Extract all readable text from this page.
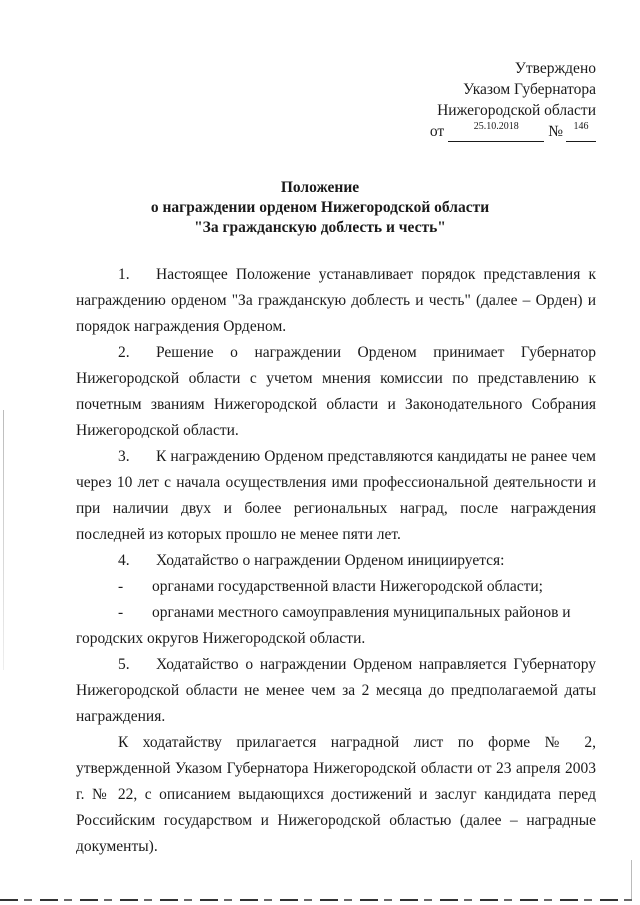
Утверждено
Указом Губернатора
Нижегородской области
от	25.10.2018	№	146
Положение
о награждении орденом Нижегородской области
"За гражданскую доблесть и честь"

1. Настоящее Положение устанавливает порядок представления к награждению орденом "За гражданскую доблесть и честь" (далее – Орден) и порядок награждения Орденом.

2. Решение о награждении Орденом принимает Губернатор Нижегородской области с учетом мнения комиссии по представлению к почетным званиям Нижегородской области и Законодательного Собрания Нижегородской области.

3. К награждению Орденом представляются кандидаты не ранее чем через 10 лет с начала осуществления ими профессиональной деятельности и при наличии двух и более региональных наград, после награждения последней из которых прошло не менее пяти лет.

4. Ходатайство о награждении Орденом инициируется:

-	органами государственной власти Нижегородской области;
-	органами местного самоуправления муниципальных районов и

городских округов Нижегородской области.

5. Ходатайство о награждении Орденом направляется Губернатору Нижегородской области не менее чем за 2 месяца до предполагаемой даты награждения.

К ходатайству прилагается наградной лист по форме № 2, утвержденной Указом Губернатора Нижегородской области от 23 апреля 2003 г. № 22, с описанием выдающихся достижений и заслуг кандидата перед Российским государством и Нижегородской областью (далее – наградные документы).
